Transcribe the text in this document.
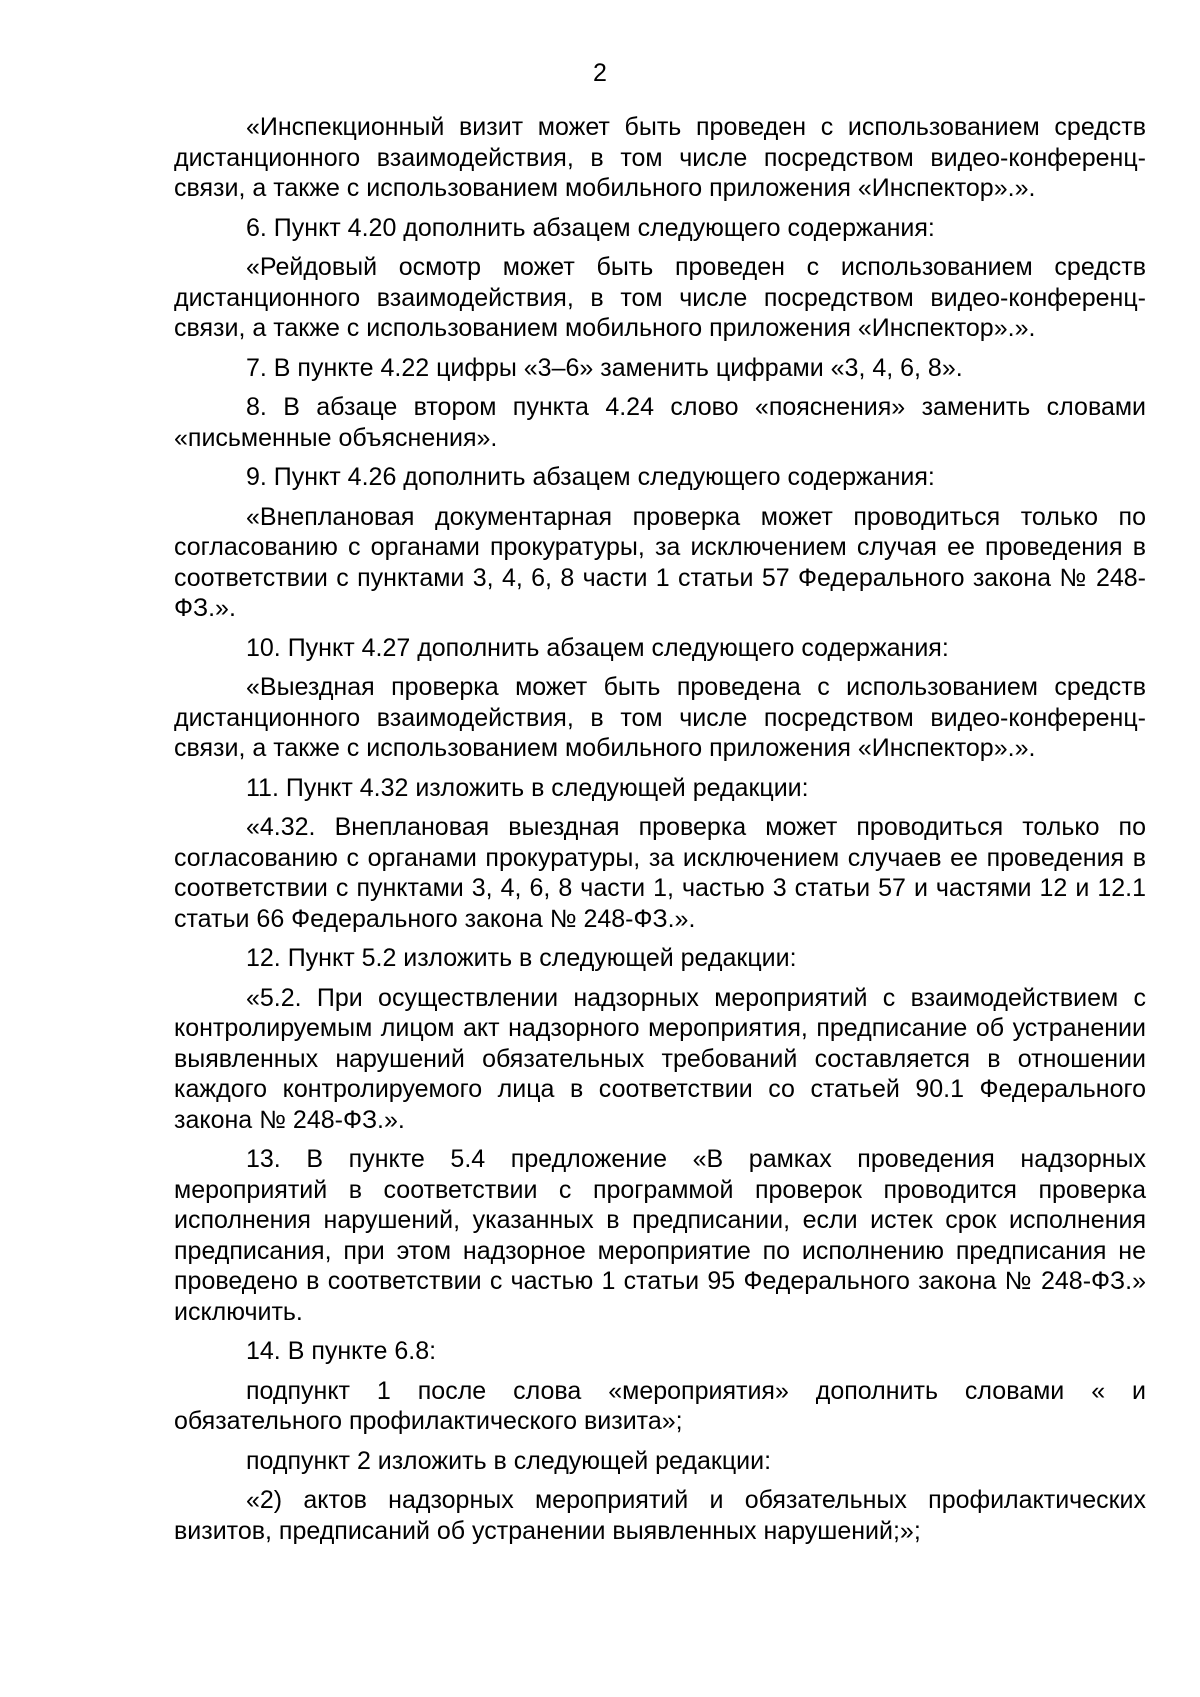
2

«Инспекционный визит может быть проведен с использованием средств дистанционного взаимодействия, в том числе посредством видео-конференц-связи, а также с использованием мобильного приложения «Инспектор».».

6. Пункт 4.20 дополнить абзацем следующего содержания:

«Рейдовый осмотр может быть проведен с использованием средств дистанционного взаимодействия, в том числе посредством видео-конференц-связи, а также с использованием мобильного приложения «Инспектор».».

7. В пункте 4.22 цифры «3–6» заменить цифрами «3, 4, 6, 8».

8. В абзаце втором пункта 4.24 слово «пояснения» заменить словами «письменные объяснения».

9. Пункт 4.26 дополнить абзацем следующего содержания:

«Внеплановая документарная проверка может проводиться только по согласованию с органами прокуратуры, за исключением случая ее проведения в соответствии с пунктами 3, 4, 6, 8 части 1 статьи 57 Федерального закона № 248-ФЗ.».

10. Пункт 4.27 дополнить абзацем следующего содержания:

«Выездная проверка может быть проведена с использованием средств дистанционного взаимодействия, в том числе посредством видео-конференц-связи, а также с использованием мобильного приложения «Инспектор».».

11. Пункт 4.32 изложить в следующей редакции:

«4.32. Внеплановая выездная проверка может проводиться только по согласованию с органами прокуратуры, за исключением случаев ее проведения в соответствии с пунктами 3, 4, 6, 8 части 1, частью 3 статьи 57 и частями 12 и 12.1 статьи 66 Федерального закона № 248-ФЗ.».

12. Пункт 5.2 изложить в следующей редакции:

«5.2. При осуществлении надзорных мероприятий с взаимодействием с контролируемым лицом акт надзорного мероприятия, предписание об устранении выявленных нарушений обязательных требований составляется в отношении каждого контролируемого лица в соответствии со статьей 90.1 Федерального закона № 248-ФЗ.».

13. В пункте 5.4 предложение «В рамках проведения надзорных мероприятий в соответствии с программой проверок проводится проверка исполнения нарушений, указанных в предписании, если истек срок исполнения предписания, при этом надзорное мероприятие по исполнению предписания не проведено в соответствии с частью 1 статьи 95 Федерального закона № 248-ФЗ.» исключить.

14. В пункте 6.8:

подпункт 1 после слова «мероприятия» дополнить словами « и обязательного профилактического визита»;

подпункт 2 изложить в следующей редакции:

«2) актов надзорных мероприятий и обязательных профилактических визитов, предписаний об устранении выявленных нарушений;»;
